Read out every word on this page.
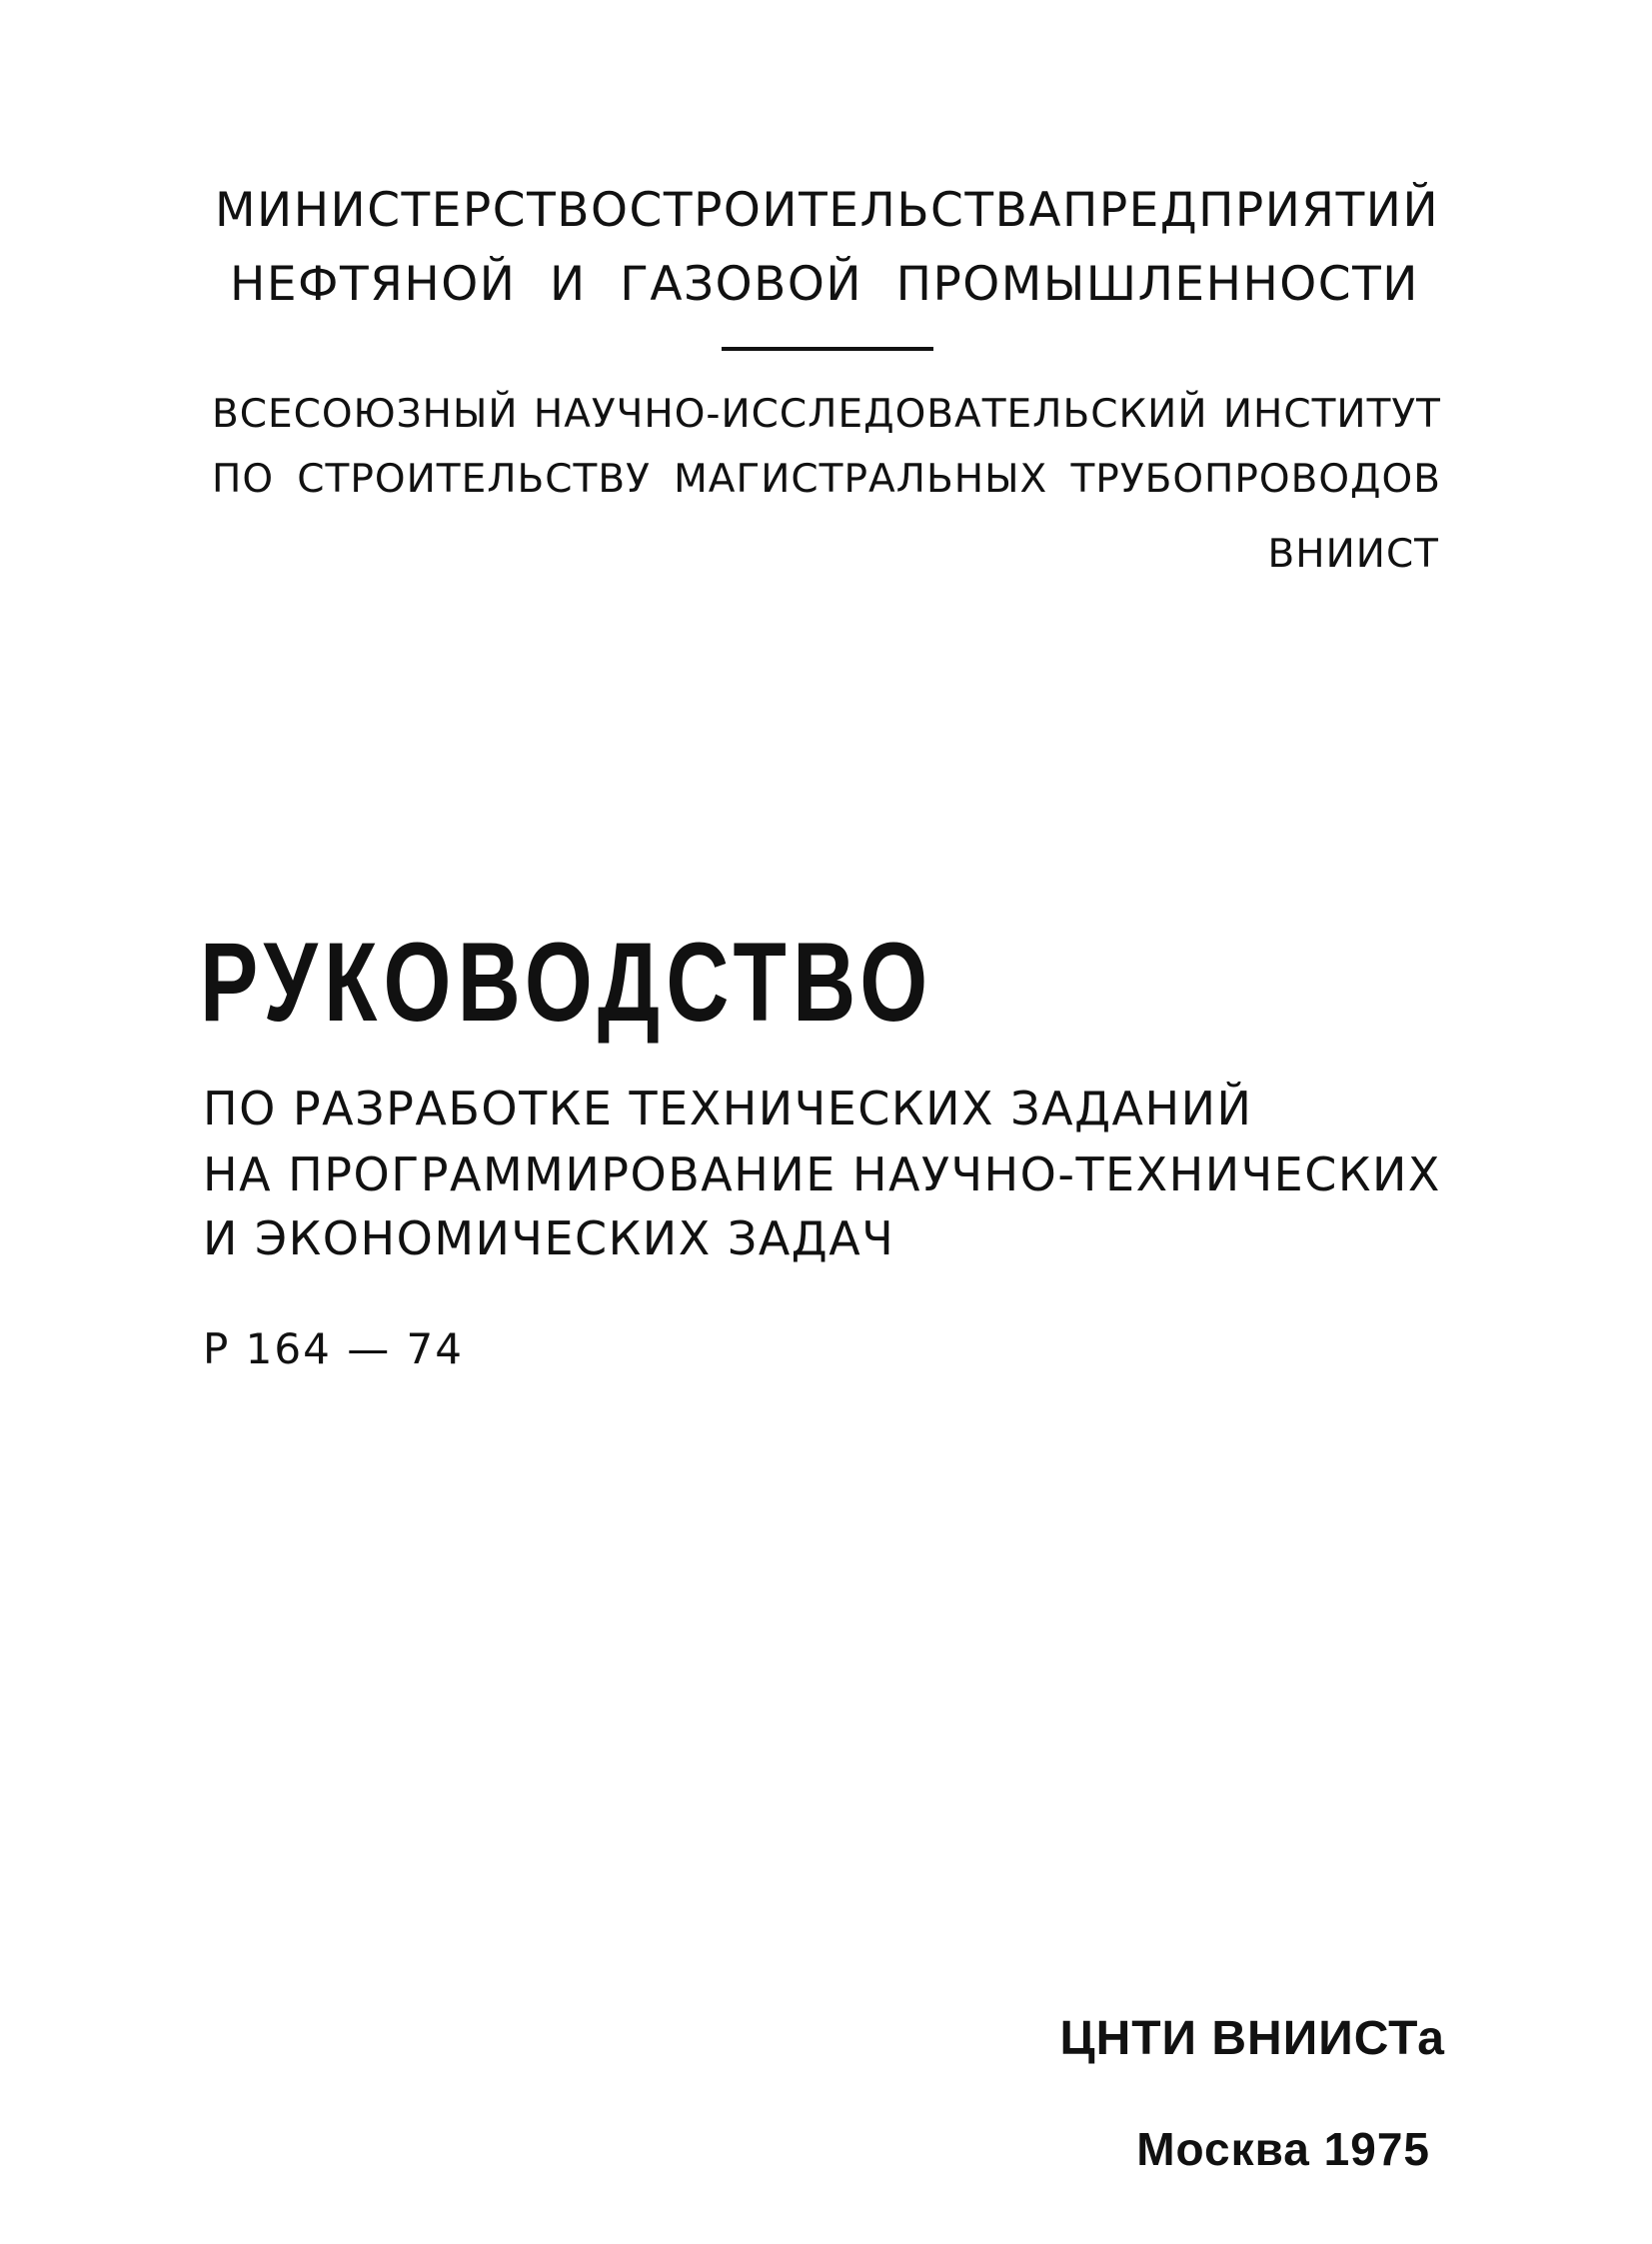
МИНИСТЕРСТВО СТРОИТЕЛЬСТВА ПРЕДПРИЯТИЙ
НЕФТЯНОЙ И ГАЗОВОЙ ПРОМЫШЛЕННОСТИ
ВСЕСОЮЗНЫЙ НАУЧНО-ИССЛЕДОВАТЕЛЬСКИЙ ИНСТИТУТ
ПО СТРОИТЕЛЬСТВУ МАГИСТРАЛЬНЫХ ТРУБОПРОВОДОВ
ВНИИСТ
РУКОВОДСТВО
ПО РАЗРАБОТКЕ ТЕХНИЧЕСКИХ ЗАДАНИЙ
НА ПРОГРАММИРОВАНИЕ НАУЧНО-ТЕХНИЧЕСКИХ
И ЭКОНОМИЧЕСКИХ ЗАДАЧ
Р 164 — 74
ЦНТИ ВНИИСТа
Москва 1975
